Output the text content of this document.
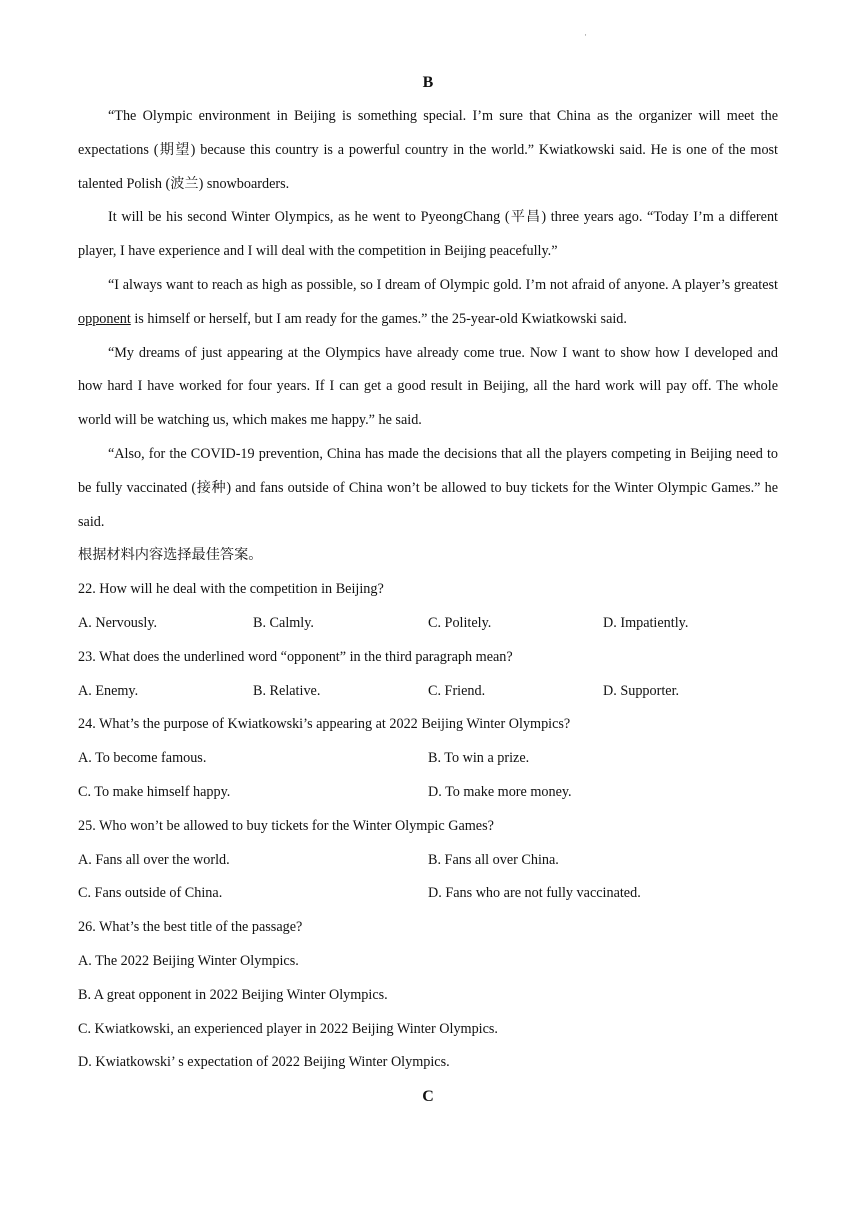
·
B

“The Olympic environment in Beijing is something special. I’m sure that China as the organizer will meet the expectations (期望) because this country is a powerful country in the world.” Kwiatkowski said. He is one of the most talented Polish (波兰) snowboarders.

It will be his second Winter Olympics, as he went to PyeongChang (平昌) three years ago. “Today I’m a different player, I have experience and I will deal with the competition in Beijing peacefully.”

“I always want to reach as high as possible, so I dream of Olympic gold. I’m not afraid of anyone. A player’s greatest opponent is himself or herself, but I am ready for the games.” the 25-year-old Kwiatkowski said.

“My dreams of just appearing at the Olympics have already come true. Now I want to show how I developed and how hard I have worked for four years. If I can get a good result in Beijing, all the hard work will pay off. The whole world will be watching us, which makes me happy.” he said.

“Also, for the COVID-19 prevention, China has made the decisions that all the players competing in Beijing need to be fully vaccinated (接种) and fans outside of China won’t be allowed to buy tickets for the Winter Olympic Games.” he said.

根据材料内容选择最佳答案。
22. How will he deal with the competition in Beijing?
A. Nervously.	B. Calmly.	C. Politely.	D. Impatiently.
23. What does the underlined word “opponent” in the third paragraph mean?
A. Enemy.	B. Relative.	C. Friend.	D. Supporter.
24. What’s the purpose of Kwiatkowski’s appearing at 2022 Beijing Winter Olympics?
A. To become famous.	B. To win a prize.
C. To make himself happy.	D. To make more money.
25. Who won’t be allowed to buy tickets for the Winter Olympic Games?
A. Fans all over the world.	B. Fans all over China.
C. Fans outside of China.	D. Fans who are not fully vaccinated.
26. What’s the best title of the passage?
A. The 2022 Beijing Winter Olympics.
B. A great opponent in 2022 Beijing Winter Olympics.
C. Kwiatkowski, an experienced player in 2022 Beijing Winter Olympics.
D. Kwiatkowski’ s expectation of 2022 Beijing Winter Olympics.
C
